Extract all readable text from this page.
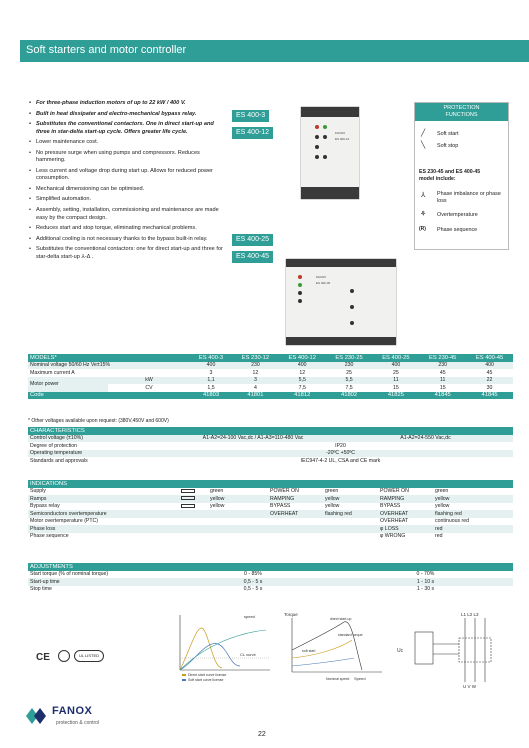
Soft starters and motor controller
• For three-phase induction motors of up to 22 kW / 400 V.
• Built in heat dissipater and electro-mechanical bypass relay.
• Substitutes the conventional contactors. One in direct start-up and three in star-delta start-up cycle. Offers greater life cycle.
• Lower maintenance cost.
• No pressure surge when using pumps and compressors. Reduces hammering.
• Less current and voltage drop during start up. Allows for reduced power consumption.
• Mechanical dimensioning can be optimised.
• Simplified automation.
• Assembly, setting, installation, commissioning and maintenance are made easy by the compact design.
• Reduces start and stop torque, eliminating mechanical problems.
• Additional cooling is not necessary thanks to the bypass built-in relay.
• Substitutes the conventional contactors: one for direct start-up and three for star-delta start-up ⅄-Δ .
ES 400-3
ES 400-12
ES 400-25
ES 400-45
FANOX
ES 400-12
FANOX
ES 400-45
PROTECTION
FUNCTIONS
╱ Soft start
╲ Soft stop
ES 230-45 and ES 400-45
model include:
⅄ Phase imbalance or phase loss
⚘ Overtemperature
(R) Phase sequence
MODELS*		ES 400-3	ES 230-12	ES 400-12	ES 230-25	ES 400-25	ES 230-45	ES 400-45
Nominal voltage 50/60 Hz Ve±15%		400	230	400	230	400	230	400
Maximum current A		3	12	12	25	25	45	45
Motor power	kW	1,1	3	5,5	5,5	11	11	22
	CV	1,5	4	7,5	7,5	15	15	30
Code		41803	41801	41812	41802	41825	41845	41845
* Other voltages available upon request: (380V,450V and 600V)
CHARACTERISTICS		
Control voltage (±10%)	A1-A2=24-100 Vac,dc / A1-A3=110-480 Vac	A1-A2=24-550 Vac,dc
Degree of protection	IP20	
Operating temperature	-20ºC +50ºC	
Standards and approvals	IEC947-4-2 UL, CSA and CE mark	
INDICATIONS						
Supply		green	POWER ON	green	POWER ON	green
Ramps		yellow	RAMPING	yellow	RAMPING	yellow
Bypass relay		yellow	BYPASS	yellow	BYPASS	yellow
Semiconductors overtemperature			OVERHEAT	flashing red	OVERHEAT	flashing red
Motor overtemperature (PTC)					OVERHEAT	continuous red
Phase loss					φ LOSS	red
Phase sequence					φ WRONG	red
ADJUSTMENTS		
Start torque (% of nominal torque)	0 - 85%	0 - 70%
Start-up time	0,5 - 5 s	1 - 10 s
Stop time	0,5 - 5 s	1 - 30 s
CE	UL LISTED
speed
CL curve
Direct start curve license
Soft start curve license
Torque
direct start-up
standard torque
soft start
Nominal speed Speed
L1 L2 L3
U V W
Uc
FANOX
protection & control
22
